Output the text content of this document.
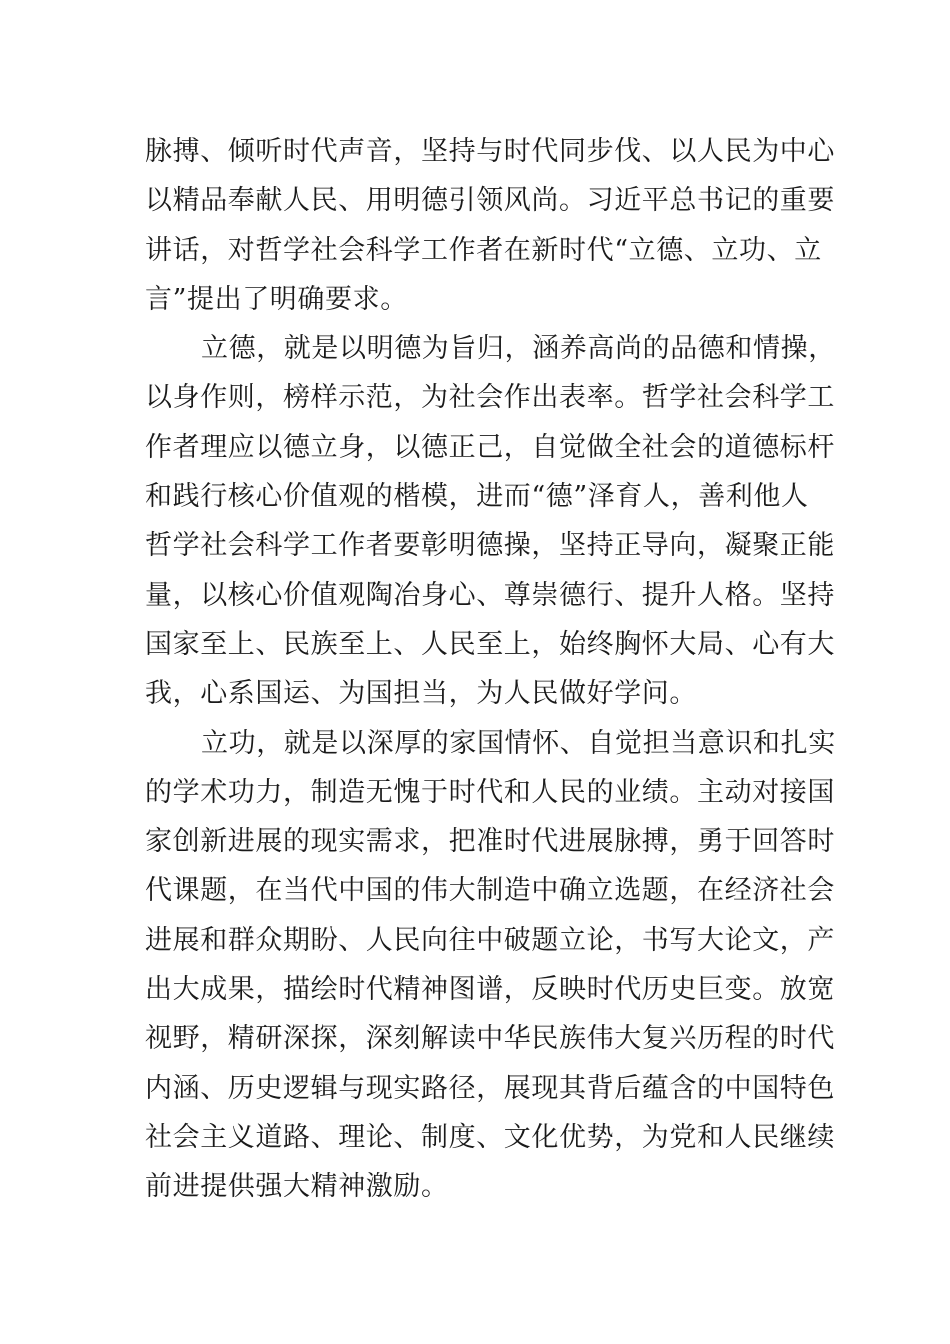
脉搏、倾听时代声音，坚持与时代同步伐、以人民为中心
以精品奉献人民、用明德引领风尚。习近平总书记的重要
讲话，对哲学社会科学工作者在新时代“立德、立功、立
言”提出了明确要求。
立德，就是以明德为旨归，涵养高尚的品德和情操，
以身作则，榜样示范，为社会作出表率。哲学社会科学工
作者理应以德立身，以德正己，自觉做全社会的道德标杆
和践行核心价值观的楷模，进而“德”泽育人，善利他人
哲学社会科学工作者要彰明德操，坚持正导向，凝聚正能
量，以核心价值观陶冶身心、尊崇德行、提升人格。坚持
国家至上、民族至上、人民至上，始终胸怀大局、心有大
我，心系国运、为国担当，为人民做好学问。
立功，就是以深厚的家国情怀、自觉担当意识和扎实
的学术功力，制造无愧于时代和人民的业绩。主动对接国
家创新进展的现实需求，把准时代进展脉搏，勇于回答时
代课题，在当代中国的伟大制造中确立选题，在经济社会
进展和群众期盼、人民向往中破题立论，书写大论文，产
出大成果，描绘时代精神图谱，反映时代历史巨变。放宽
视野，精研深探，深刻解读中华民族伟大复兴历程的时代
内涵、历史逻辑与现实路径，展现其背后蕴含的中国特色
社会主义道路、理论、制度、文化优势，为党和人民继续
前进提供强大精神激励。
